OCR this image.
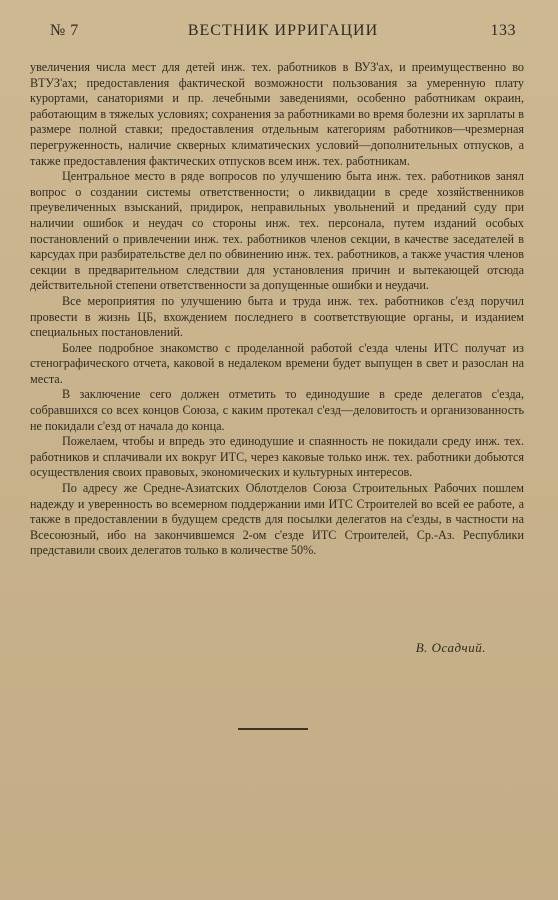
№ 7	ВЕСТНИК ИРРИГАЦИИ	133

увеличения числа мест для детей инж. тех. работников в ВУЗ'ах, и преимущественно во ВТУЗ'ах; предоставления фактической возможности пользования за умеренную плату курортами, санаториями и пр. лечебными заведениями, особенно работникам окраин, работающим в тяжелых условиях; сохранения за работниками во время болезни их зарплаты в размере полной ставки; предоставления отдельным категориям работников—чрезмерная перегруженность, наличие скверных климатических условий—дополнительных отпусков, а также предоставления фактических отпусков всем инж. тех. работникам.

Центральное место в ряде вопросов по улучшению быта инж. тех. работников занял вопрос о создании системы ответственности; о ликвидации в среде хозяйственников преувеличенных взысканий, придирок, неправильных увольнений и преданий суду при наличии ошибок и неудач со стороны инж. тех. персонала, путем изданий особых постановлений о привлечении инж. тех. работников членов секции, в качестве заседателей в карсудах при разбирательстве дел по обвинению инж. тех. работников, а также участия членов секции в предварительном следствии для установления причин и вытекающей отсюда действительной степени ответственности за допущенные ошибки и неудачи.

Все мероприятия по улучшению быта и труда инж. тех. работников с'езд поручил провести в жизнь ЦБ, вхождением последнего в соответствующие органы, и изданием специальных постановлений.

Более подробное знакомство с проделанной работой с'езда члены ИТС получат из стенографического отчета, каковой в недалеком времени будет выпущен в свет и разослан на места.

В заключение сего должен отметить то единодушие в среде делегатов с'езда, собравшихся со всех концов Союза, с каким протекал с'езд—деловитость и организованность не покидали с'езд от начала до конца.

Пожелаем, чтобы и впредь это единодушие и спаянность не покидали среду инж. тех. работников и сплачивали их вокруг ИТС, через каковые только инж. тех. работники добьются осуществления своих правовых, экономических и культурных интересов.

По адресу же Средне-Азиатских Облотделов Союза Строительных Рабочих пошлем надежду и уверенность во всемерном поддержании ими ИТС Строителей во всей ее работе, а также в предоставлении в будущем средств для посылки делегатов на с'езды, в частности на Всесоюзный, ибо на закончившемся 2-ом с'езде ИТС Строителей, Ср.-Аз. Республики представили своих делегатов только в количестве 50%.

В. Осадчий.
